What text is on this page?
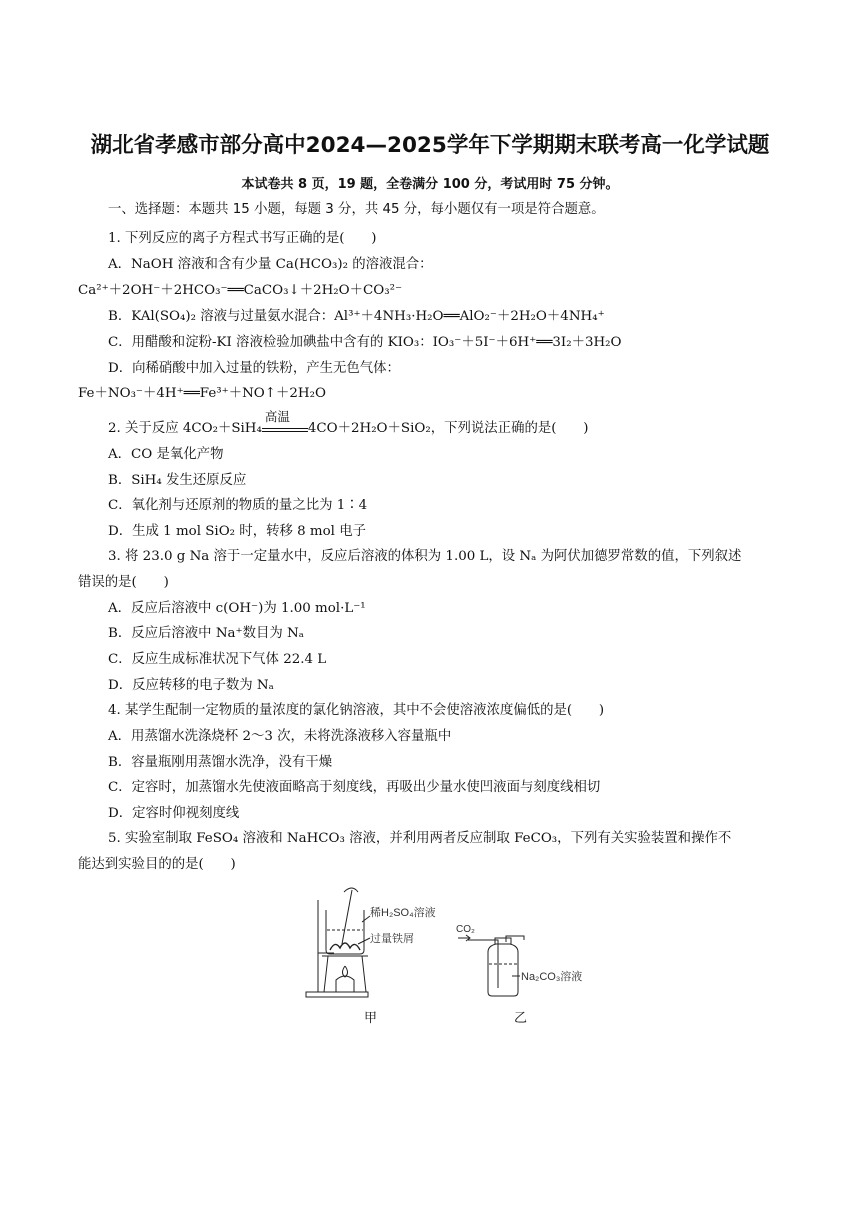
湖北省孝感市部分高中2024—2025学年下学期期末联考高一化学试题
本试卷共 8 页，19 题，全卷满分 100 分，考试用时 75 分钟。
一、选择题：本题共 15 小题，每题 3 分，共 45 分，每小题仅有一项是符合题意。
1. 下列反应的离子方程式书写正确的是(　　)
A．NaOH 溶液和含有少量 Ca(HCO₃)₂ 的溶液混合：
Ca²⁺＋2OH⁻＋2HCO₃⁻══CaCO₃↓＋2H₂O＋CO₃²⁻
B．KAl(SO₄)₂ 溶液与过量氨水混合：Al³⁺＋4NH₃·H₂O══AlO₂⁻＋2H₂O＋4NH₄⁺
C．用醋酸和淀粉-KI 溶液检验加碘盐中含有的 KIO₃：IO₃⁻＋5I⁻＋6H⁺══3I₂＋3H₂O
D．向稀硝酸中加入过量的铁粉，产生无色气体：
Fe＋NO₃⁻＋4H⁺══Fe³⁺＋NO↑＋2H₂O
2. 关于反应 4CO₂＋SiH₄
高温
4CO＋2H₂O＋SiO₂，下列说法正确的是(　　)
A．CO 是氧化产物
B．SiH₄ 发生还原反应
C．氧化剂与还原剂的物质的量之比为 1∶4
D．生成 1 mol SiO₂ 时，转移 8 mol 电子
3. 将 23.0 g Na 溶于一定量水中，反应后溶液的体积为 1.00 L，设 Nₐ 为阿伏加德罗常数的值，下列叙述
错误的是(　　)
A．反应后溶液中 c(OH⁻)为 1.00 mol·L⁻¹
B．反应后溶液中 Na⁺数目为 Nₐ
C．反应生成标准状况下气体 22.4 L
D．反应转移的电子数为 Nₐ
4. 某学生配制一定物质的量浓度的氯化钠溶液，其中不会使溶液浓度偏低的是(　　)
A．用蒸馏水洗涤烧杯 2～3 次，未将洗涤液移入容量瓶中
B．容量瓶刚用蒸馏水洗净，没有干燥
C．定容时，加蒸馏水先使液面略高于刻度线，再吸出少量水使凹液面与刻度线相切
D．定容时仰视刻度线
5. 实验室制取 FeSO₄ 溶液和 NaHCO₃ 溶液，并利用两者反应制取 FeCO₃，下列有关实验装置和操作不
能达到实验目的的是(　　)
稀H₂SO₄溶液
过量铁屑
CO₂
Na₂CO₃溶液
甲	乙
